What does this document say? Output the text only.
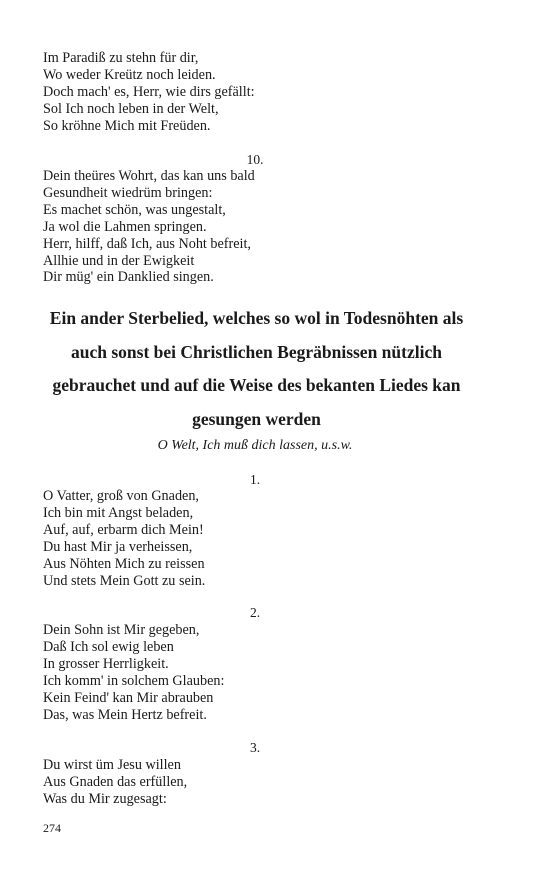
Im Paradiß zu stehn für dir,
Wo weder Kreütz noch leiden.
Doch mach' es, Herr, wie dirs gefällt:
Sol Ich noch leben in der Welt,
So kröhne Mich mit Freüden.
10.
Dein theüres Wohrt, das kan uns bald
Gesundheit wiedrüm bringen:
Es machet schön, was ungestalt,
Ja wol die Lahmen springen.
Herr, hilff, daß Ich, aus Noht befreit,
Allhie und in der Ewigkeit
Dir müg' ein Danklied singen.
Ein ander Sterbelied, welches so wol in Todesnöhten als
auch sonst bei Christlichen Begräbnissen nützlich
gebrauchet und auf die Weise des bekanten Liedes kan
gesungen werden
O Welt, Ich muß dich lassen, u.s.w.
1.
O Vatter, groß von Gnaden,
Ich bin mit Angst beladen,
Auf, auf, erbarm dich Mein!
Du hast Mir ja verheissen,
Aus Nöhten Mich zu reissen
Und stets Mein Gott zu sein.
2.
Dein Sohn ist Mir gegeben,
Daß Ich sol ewig leben
In grosser Herrligkeit.
Ich komm' in solchem Glauben:
Kein Feind' kan Mir abrauben
Das, was Mein Hertz befreit.
3.
Du wirst üm Jesu willen
Aus Gnaden das erfüllen,
Was du Mir zugesagt:
274
